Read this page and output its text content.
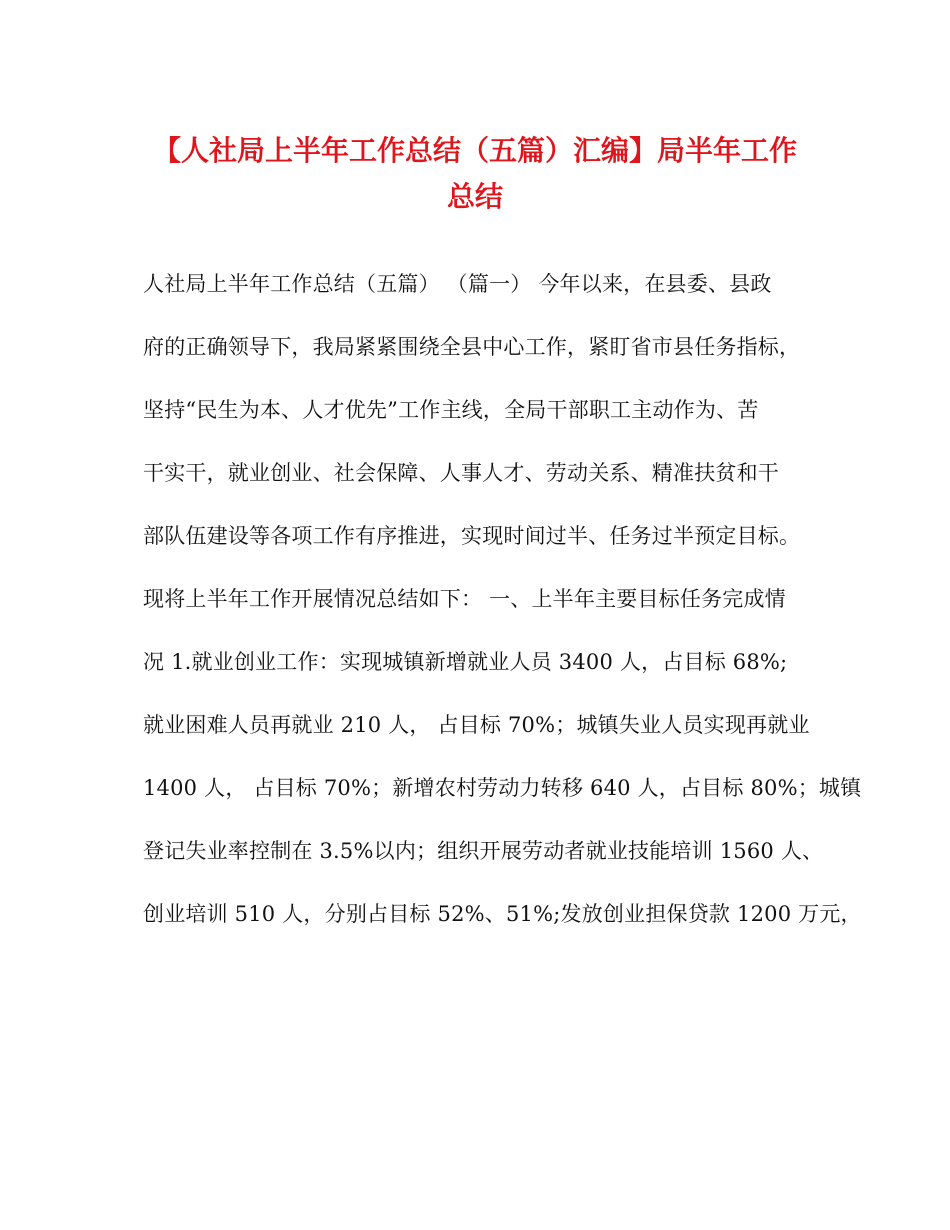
【人社局上半年工作总结（五篇）汇编】局半年工作
总结
人社局上半年工作总结（五篇） （篇一） 今年以来，在县委、县政
府的正确领导下，我局紧紧围绕全县中心工作，紧盯省市县任务指标，
坚持“民生为本、人才优先”工作主线，全局干部职工主动作为、苦
干实干，就业创业、社会保障、人事人才、劳动关系、精准扶贫和干
部队伍建设等各项工作有序推进，实现时间过半、任务过半预定目标。
现将上半年工作开展情况总结如下： 一、上半年主要目标任务完成情
况 1.就业创业工作：实现城镇新增就业人员 3400 人，占目标 68%;
就业困难人员再就业 210 人， 占目标 70%；城镇失业人员实现再就业
1400 人， 占目标 70%；新增农村劳动力转移 640 人，占目标 80%；城镇
登记失业率控制在 3.5%以内；组织开展劳动者就业技能培训 1560 人、
创业培训 510 人，分别占目标 52%、51%;发放创业担保贷款 1200 万元，
